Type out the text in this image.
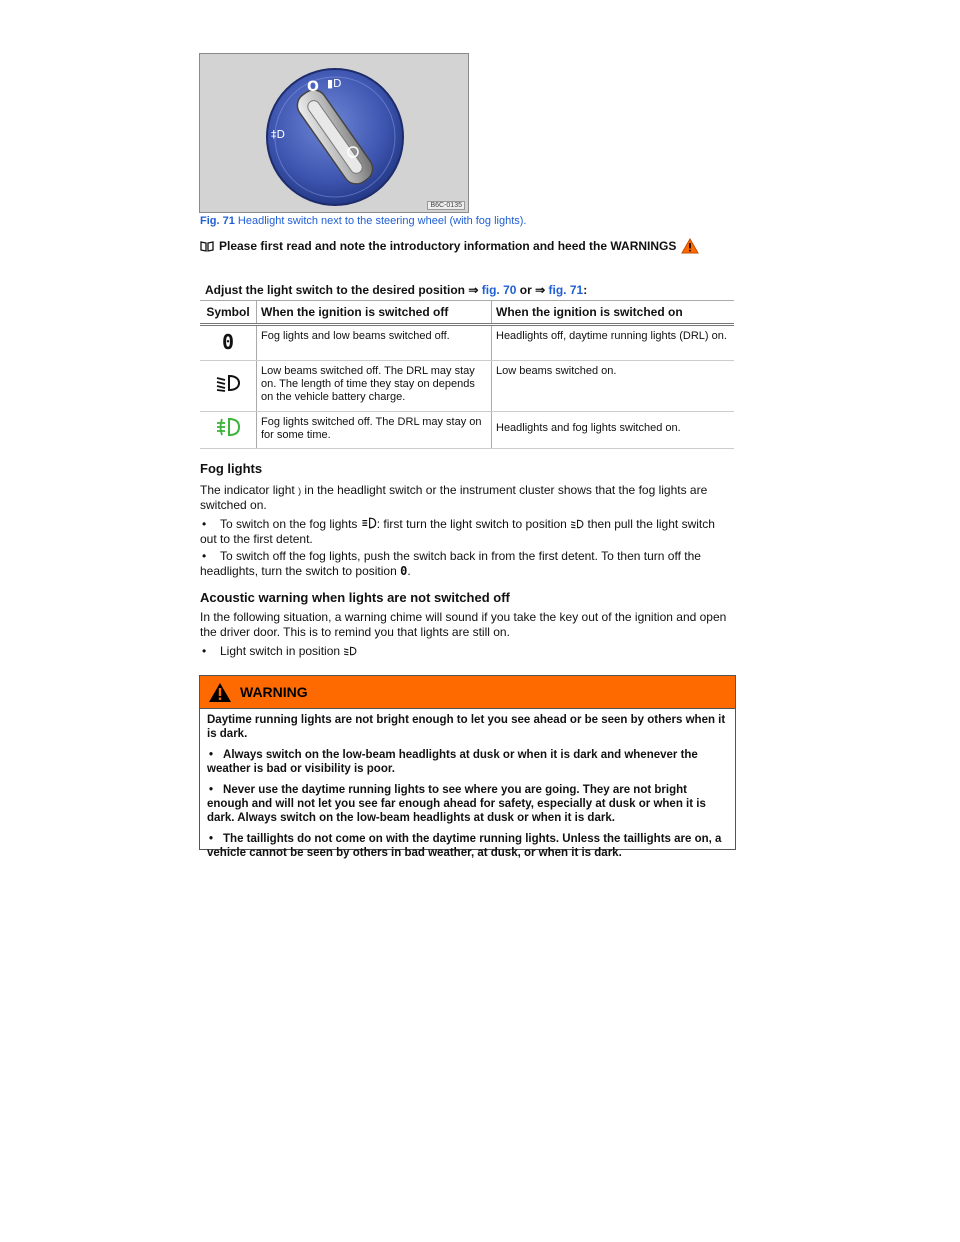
O ▮D
‡D
B6C-0135
Fig. 71 Headlight switch next to the steering wheel (with fog lights).
Please first read and note the introductory information and heed the WARNINGS
Adjust the light switch to the desired position ⇒ fig. 70 or ⇒ fig. 71:
Symbol	When the ignition is switched off	When the ignition is switched on
0	Fog lights and low beams switched off.	Headlights off, daytime running lights (DRL) on.
	Low beams switched off. The DRL may stay on. The length of time they stay on depends on the vehicle battery charge.	Low beams switched on.
	Fog lights switched off. The DRL may stay on for some time.	Headlights and fog lights switched on.
Fog lights
The indicator light ) in the headlight switch or the instrument cluster shows that the fog lights are switched on.
• To switch on the fog lights : first turn the light switch to position  then pull the light switch out to the first detent.
• To switch off the fog lights, push the switch back in from the first detent. To then turn off the headlights, turn the switch to position 0.
Acoustic warning when lights are not switched off
In the following situation, a warning chime will sound if you take the key out of the ignition and open the driver door. This is to remind you that lights are still on.
• Light switch in position
WARNING

Daytime running lights are not bright enough to let you see ahead or be seen by others when it is dark.

• Always switch on the low-beam headlights at dusk or when it is dark and whenever the weather is bad or visibility is poor.

• Never use the daytime running lights to see where you are going. They are not bright enough and will not let you see far enough ahead for safety, especially at dusk or when it is dark. Always switch on the low-beam headlights at dusk or when it is dark.

• The taillights do not come on with the daytime running lights. Unless the taillights are on, a vehicle cannot be seen by others in bad weather, at dusk, or when it is dark.
